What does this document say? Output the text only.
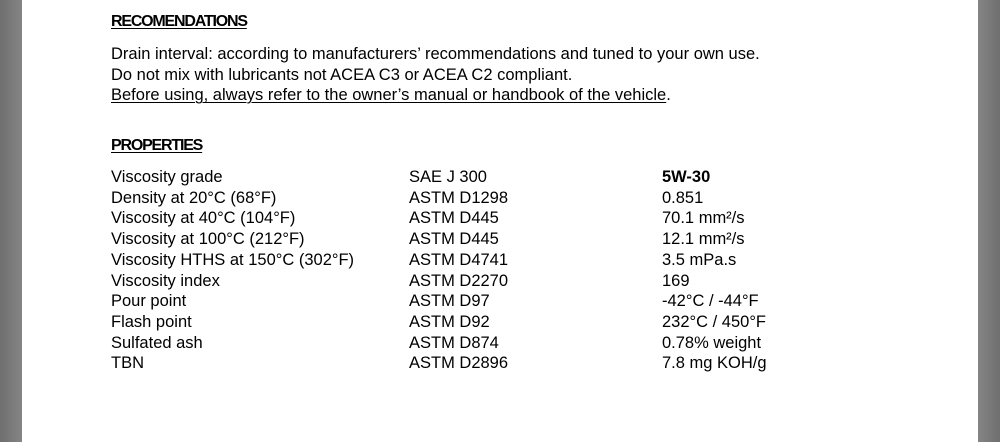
RECOMENDATIONS
Drain interval: according to manufacturers’ recommendations and tuned to your own use.
Do not mix with lubricants not ACEA C3 or ACEA C2 compliant.
Before using, always refer to the owner’s manual or handbook of the vehicle.
PROPERTIES
Viscosity grade	SAE J 300	5W-30
Density at 20°C (68°F)	ASTM D1298	0.851
Viscosity at 40°C (104°F)	ASTM D445	70.1 mm²/s
Viscosity at 100°C (212°F)	ASTM D445	12.1 mm²/s
Viscosity HTHS at 150°C (302°F)	ASTM D4741	3.5 mPa.s
Viscosity index	ASTM D2270	169
Pour point	ASTM D97	-42°C / -44°F
Flash point	ASTM D92	232°C / 450°F
Sulfated ash	ASTM D874	0.78% weight
TBN	ASTM D2896	7.8 mg KOH/g
